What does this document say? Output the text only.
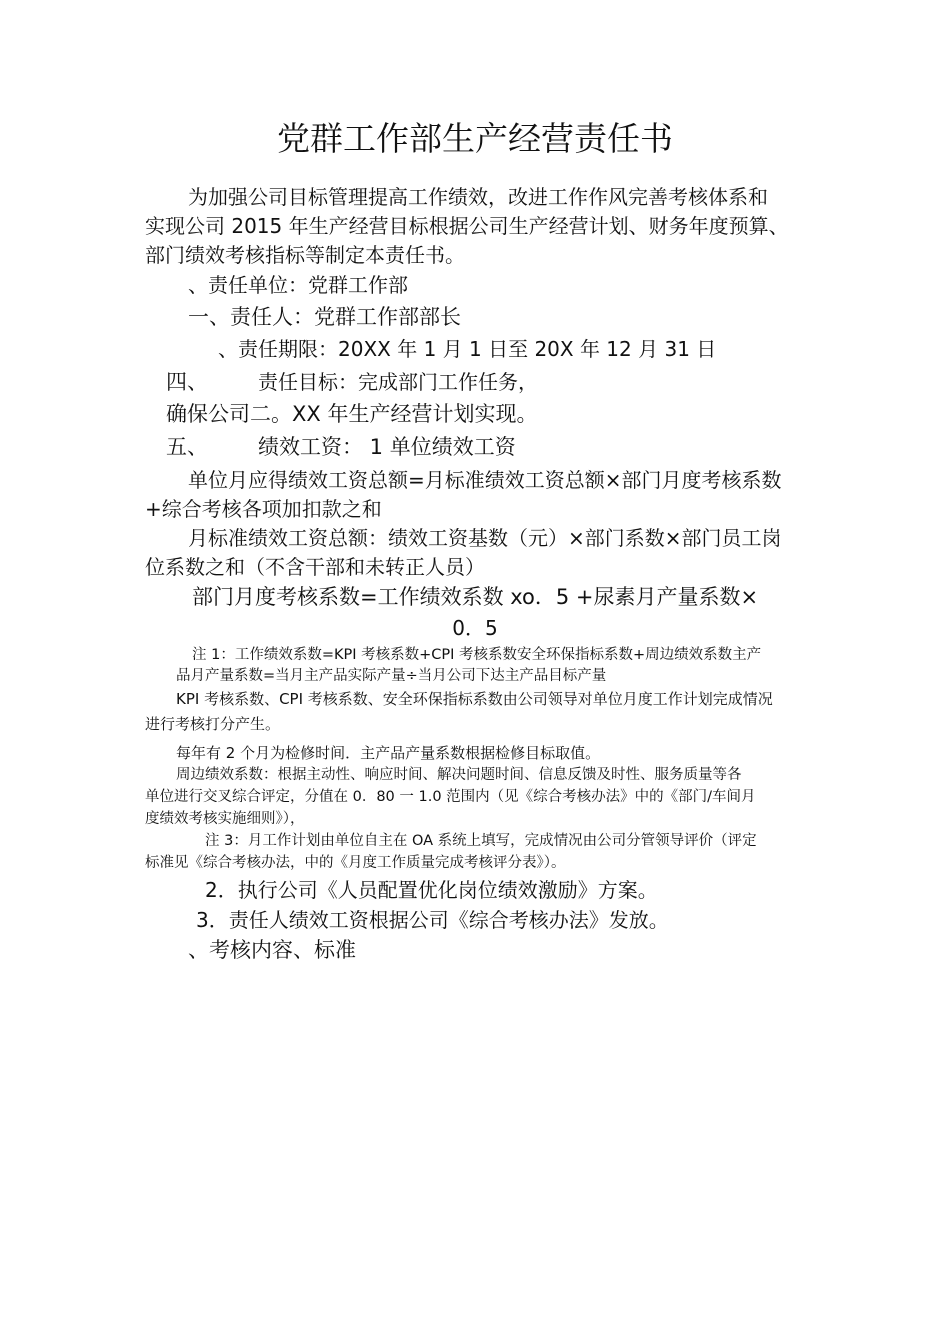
党群工作部生产经营责任书

为加强公司目标管理提高工作绩效，改进工作作风完善考核体系和

实现公司 2015 年生产经营目标根据公司生产经营计划、财务年度预算、

部门绩效考核指标等制定本责任书。

、责任单位：党群工作部

一、责任人：党群工作部部长

、责任期限：20XX 年 1 月 1 日至 20X 年 12 月 31 日

四、	责任目标：完成部门工作任务，

确保公司二。XX 年生产经营计划实现。

五、 绩效工资： 1 单位绩效工资

单位月应得绩效工资总额=月标准绩效工资总额×部门月度考核系数

+综合考核各项加扣款之和

月标准绩效工资总额：绩效工资基数（元）×部门系数×部门员工岗

位系数之和（不含干部和未转正人员）

部门月度考核系数=工作绩效系数 xo．5 +尿素月产量系数×

0．5

注 1：工作绩效系数=KPI 考核系数+CPI 考核系数安全环保指标系数+周边绩效系数主产

品月产量系数=当月主产品实际产量÷当月公司下达主产品目标产量

KPI 考核系数、CPI 考核系数、安全环保指标系数由公司领导对单位月度工作计划完成情况

进行考核打分产生。

每年有 2 个月为检修时间．主产品产量系数根据检修目标取值。

周边绩效系数：根据主动性、响应时间、解决问题时间、信息反馈及时性、服务质量等各

单位进行交叉综合评定，分值在 0．80 一 1.0 范围内（见《综合考核办法》中的《部门/车间月

度绩效考核实施细则》），

注 3：月工作计划由单位自主在 OA 系统上填写，完成情况由公司分管领导评价（评定

标准见《综合考核办法，中的《月度工作质量完成考核评分表》）。

2．执行公司《人员配置优化岗位绩效激励》方案。

3．责任人绩效工资根据公司《综合考核办法》发放。

、考核内容、标准
